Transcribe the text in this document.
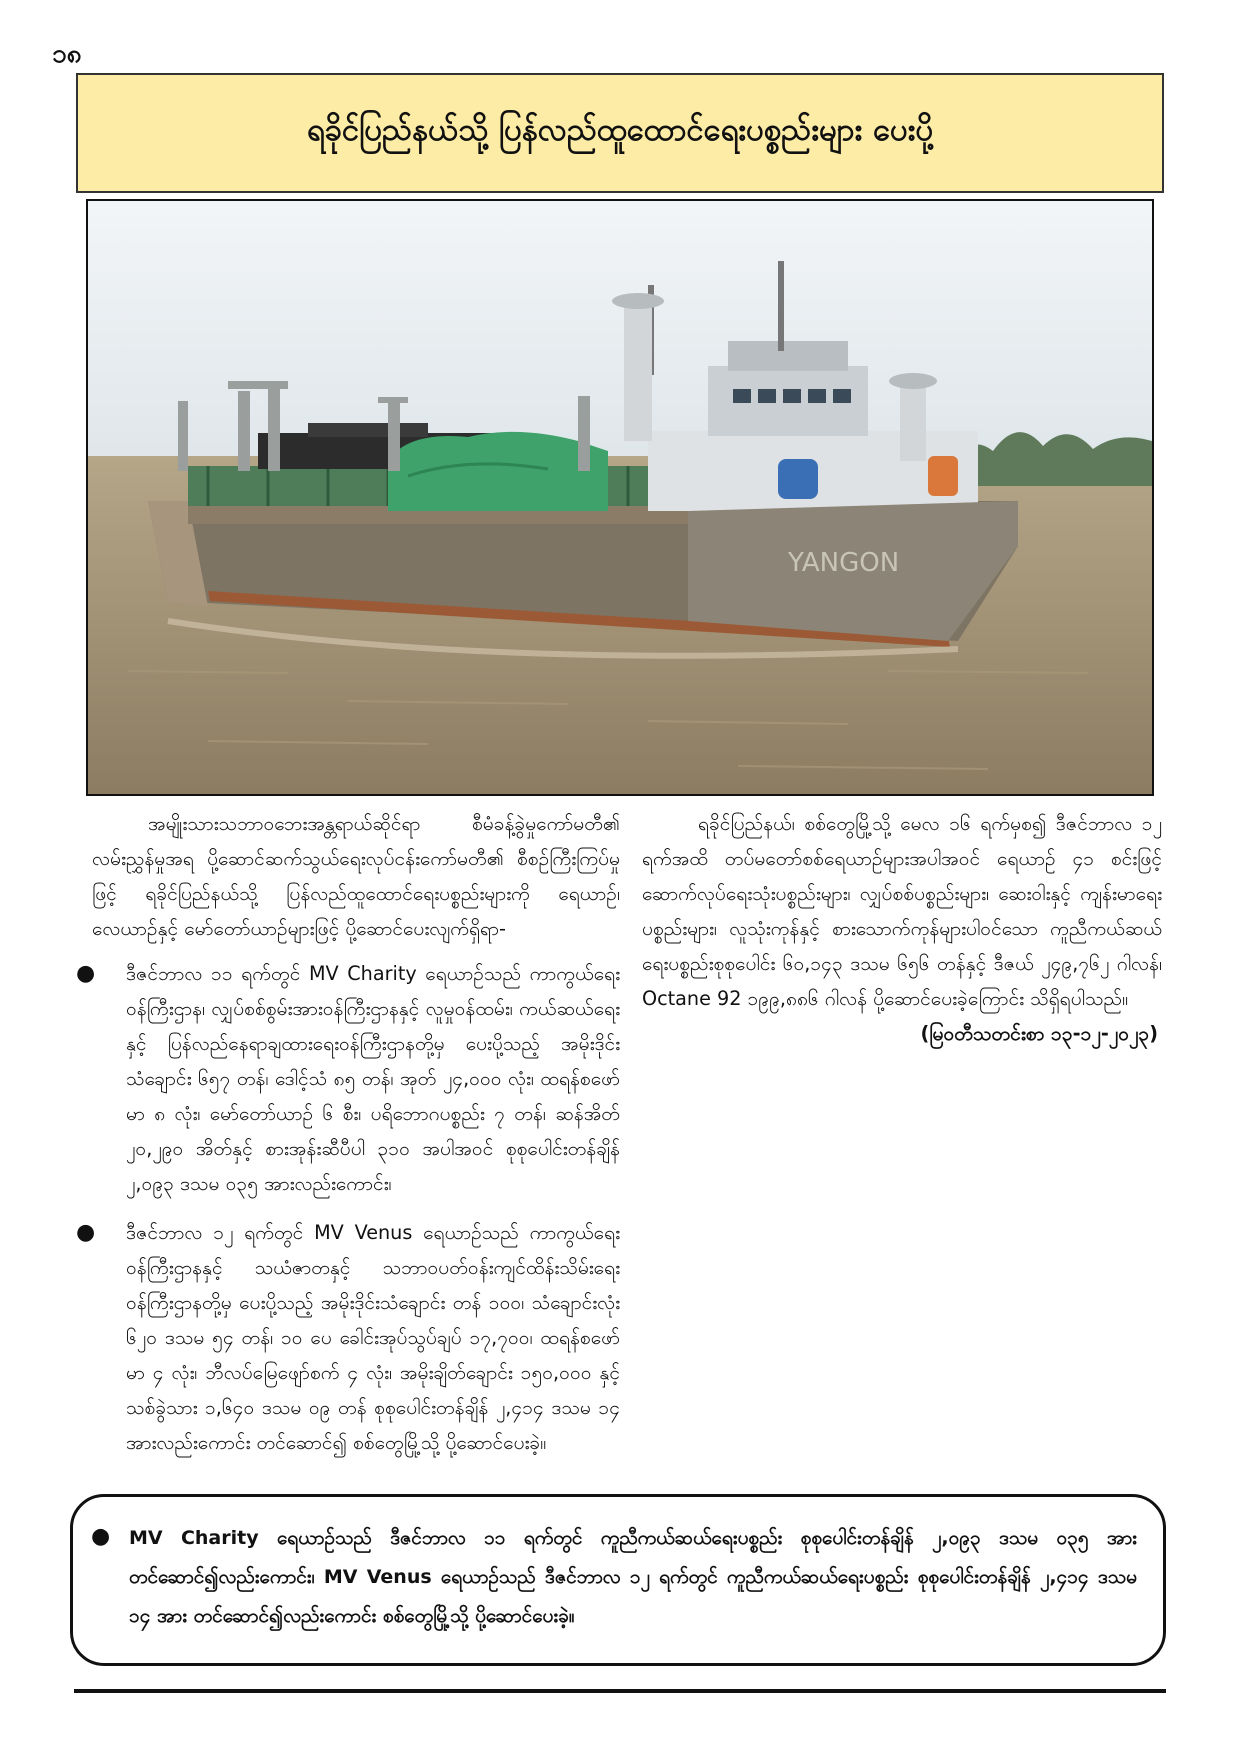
၁၈
ရခိုင်ပြည်နယ်သို့ ပြန်လည်ထူထောင်ရေးပစ္စည်းများ ပေးပို့
YANGON

အမျိုးသားသဘာဝဘေးအန္တရာယ်ဆိုင်ရာ စီမံခန့်ခွဲမှုကော်မတီ၏ လမ်းညွှန်မှုအရ ပို့ဆောင်ဆက်သွယ်ရေးလုပ်ငန်းကော်မတီ၏ စီစဉ်ကြီးကြပ်မှုဖြင့် ရခိုင်ပြည်နယ်သို့ ပြန်လည်ထူထောင်ရေးပစ္စည်းများကို ရေယာဉ်၊ လေယာဉ်နှင့် မော်တော်ယာဉ်များဖြင့် ပို့ဆောင်ပေးလျက်ရှိရာ-

● ဒီဇင်ဘာလ ၁၁ ရက်တွင် MV Charity ရေယာဉ်သည် ကာကွယ်ရေးဝန်ကြီးဌာန၊ လျှပ်စစ်စွမ်းအားဝန်ကြီးဌာနနှင့် လူမှုဝန်ထမ်း၊ ကယ်ဆယ်ရေးနှင့် ပြန်လည်နေရာချထားရေးဝန်ကြီးဌာနတို့မှ ပေးပို့သည့် အမိုးဒိုင်းသံချောင်း ၆၅၇ တန်၊ ဒေါင့်သံ ၈၅ တန်၊ အုတ် ၂၄,၀၀၀ လုံး၊ ထရန်စဖော်မာ ၈ လုံး၊ မော်တော်ယာဉ် ၆ စီး၊ ပရိဘောဂပစ္စည်း ၇ တန်၊ ဆန်အိတ် ၂၀,၂၉၀ အိတ်နှင့် စားအုန်းဆီပီပါ ၃၁၀ အပါအဝင် စုစုပေါင်းတန်ချိန် ၂,၀၉၃ ဒသမ ၀၃၅ အားလည်းကောင်း၊
● ဒီဇင်ဘာလ ၁၂ ရက်တွင် MV Venus ရေယာဉ်သည် ကာကွယ်ရေးဝန်ကြီးဌာနနှင့် သယံဇာတနှင့် သဘာဝပတ်ဝန်းကျင်ထိန်းသိမ်းရေးဝန်ကြီးဌာနတို့မှ ပေးပို့သည့် အမိုးဒိုင်းသံချောင်း တန် ၁၀၀၊ သံချောင်းလုံး ၆၂၀ ဒသမ ၅၄ တန်၊ ၁၀ ပေ ခေါင်းအုပ်သွပ်ချပ် ၁၇,၇၀၀၊ ထရန်စဖော်မာ ၄ လုံး၊ ဘီလပ်မြေဖျော်စက် ၄ လုံး၊ အမိုးချိတ်ချောင်း ၁၅၀,၀၀၀ နှင့် သစ်ခွဲသား ၁,၆၄၀ ဒသမ ၀၉ တန် စုစုပေါင်းတန်ချိန် ၂,၄၁၄ ဒသမ ၁၄ အားလည်းကောင်း တင်ဆောင်၍ စစ်တွေမြို့သို့ ပို့ဆောင်ပေးခဲ့။

ရခိုင်ပြည်နယ်၊ စစ်တွေမြို့သို့ မေလ ၁၆ ရက်မှစ၍ ဒီဇင်ဘာလ ၁၂ ရက်အထိ တပ်မတော်စစ်ရေယာဉ်များအပါအဝင် ရေယာဉ် ၄၁ စင်းဖြင့် ဆောက်လုပ်ရေးသုံးပစ္စည်းများ၊ လျှပ်စစ်ပစ္စည်းများ၊ ဆေးဝါးနှင့် ကျန်းမာရေးပစ္စည်းများ၊ လူသုံးကုန်နှင့် စားသောက်ကုန်များပါဝင်သော ကူညီကယ်ဆယ်ရေးပစ္စည်းစုစုပေါင်း ၆၀,၁၄၃ ဒသမ ၆၅၆ တန်နှင့် ဒီဇယ် ၂၄၉,၇၆၂ ဂါလန်၊ Octane 92 ၁၉၉,၈၈၆ ဂါလန် ပို့ဆောင်ပေးခဲ့ကြောင်း သိရှိရပါသည်။

(မြဝတီသတင်းစာ ၁၃-၁၂-၂၀၂၃)

● MV Charity ရေယာဉ်သည် ဒီဇင်ဘာလ ၁၁ ရက်တွင် ကူညီကယ်ဆယ်ရေးပစ္စည်း စုစုပေါင်းတန်ချိန် ၂,၀၉၃ ဒသမ ၀၃၅ အား တင်ဆောင်၍လည်းကောင်း၊ MV Venus ရေယာဉ်သည် ဒီဇင်ဘာလ ၁၂ ရက်တွင် ကူညီကယ်ဆယ်ရေးပစ္စည်း စုစုပေါင်းတန်ချိန် ၂,၄၁၄ ဒသမ ၁၄ အား တင်ဆောင်၍လည်းကောင်း စစ်တွေမြို့သို့ ပို့ဆောင်ပေးခဲ့။
